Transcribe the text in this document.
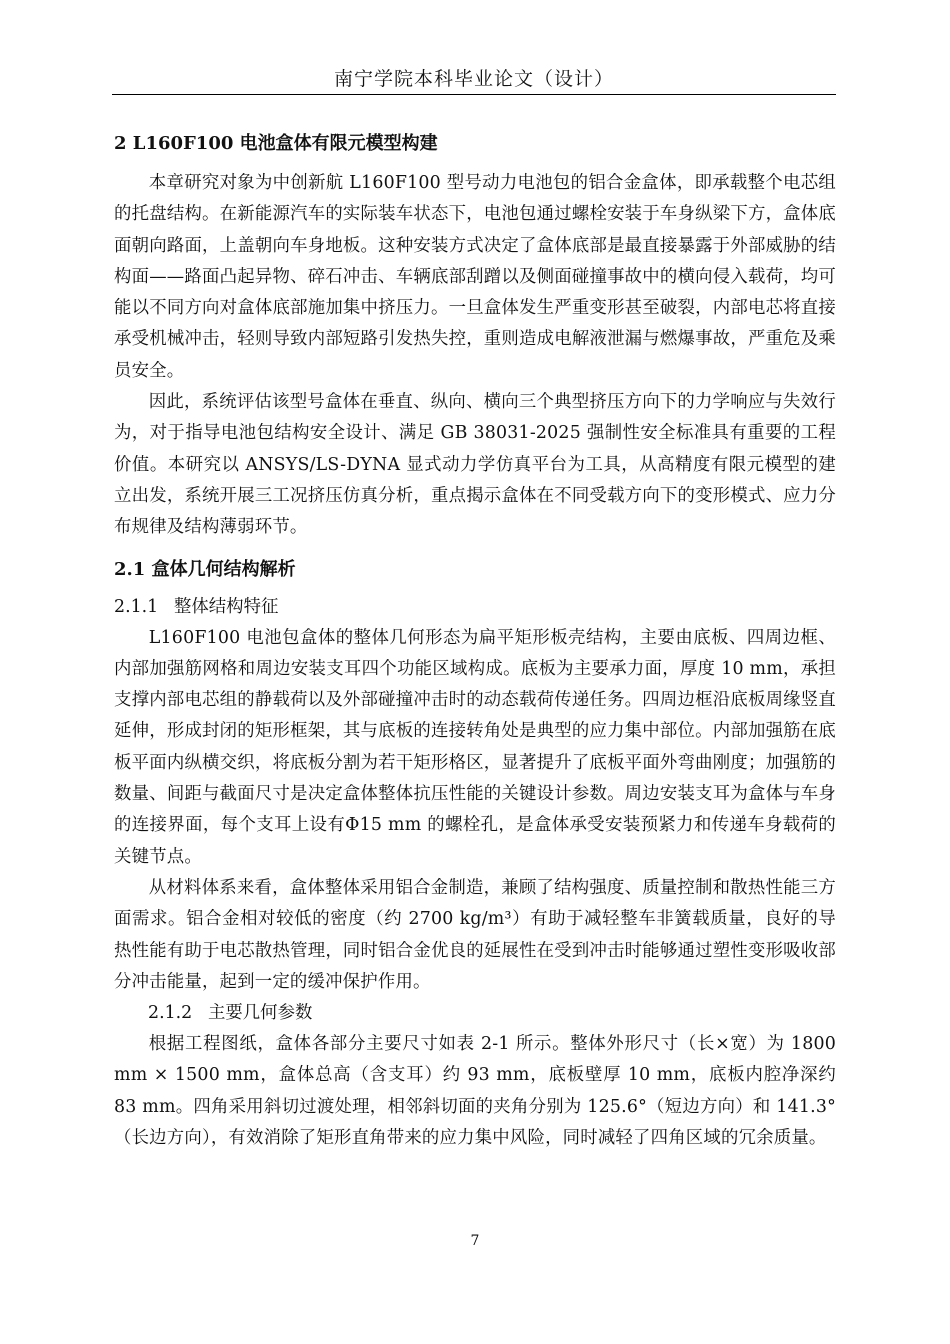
南宁学院本科毕业论文（设计）
2 L160F100 电池盒体有限元模型构建

本章研究对象为中创新航 L160F100 型号动力电池包的铝合金盒体，即承载整个电芯组的托盘结构。在新能源汽车的实际装车状态下，电池包通过螺栓安装于车身纵梁下方，盒体底面朝向路面，上盖朝向车身地板。这种安装方式决定了盒体底部是最直接暴露于外部威胁的结构面——路面凸起异物、碎石冲击、车辆底部刮蹭以及侧面碰撞事故中的横向侵入载荷，均可能以不同方向对盒体底部施加集中挤压力。一旦盒体发生严重变形甚至破裂，内部电芯将直接承受机械冲击，轻则导致内部短路引发热失控，重则造成电解液泄漏与燃爆事故，严重危及乘员安全。

因此，系统评估该型号盒体在垂直、纵向、横向三个典型挤压方向下的力学响应与失效行为，对于指导电池包结构安全设计、满足 GB 38031-2025 强制性安全标准具有重要的工程价值。本研究以 ANSYS/LS-DYNA 显式动力学仿真平台为工具，从高精度有限元模型的建立出发，系统开展三工况挤压仿真分析，重点揭示盒体在不同受载方向下的变形模式、应力分布规律及结构薄弱环节。

2.1 盒体几何结构解析
2.1.1 整体结构特征

L160F100 电池包盒体的整体几何形态为扁平矩形板壳结构，主要由底板、四周边框、内部加强筋网格和周边安装支耳四个功能区域构成。底板为主要承力面，厚度 10 mm，承担支撑内部电芯组的静载荷以及外部碰撞冲击时的动态载荷传递任务。四周边框沿底板周缘竖直延伸，形成封闭的矩形框架，其与底板的连接转角处是典型的应力集中部位。内部加强筋在底板平面内纵横交织，将底板分割为若干矩形格区，显著提升了底板平面外弯曲刚度；加强筋的数量、间距与截面尺寸是决定盒体整体抗压性能的关键设计参数。周边安装支耳为盒体与车身的连接界面，每个支耳上设有Φ15 mm 的螺栓孔，是盒体承受安装预紧力和传递车身载荷的关键节点。

从材料体系来看，盒体整体采用铝合金制造，兼顾了结构强度、质量控制和散热性能三方面需求。铝合金相对较低的密度（约 2700 kg/m³）有助于减轻整车非簧载质量，良好的导热性能有助于电芯散热管理，同时铝合金优良的延展性在受到冲击时能够通过塑性变形吸收部分冲击能量，起到一定的缓冲保护作用。

2.1.2 主要几何参数

根据工程图纸，盒体各部分主要尺寸如表 2-1 所示。整体外形尺寸（长×宽）为 1800 mm × 1500 mm，盒体总高（含支耳）约 93 mm，底板壁厚 10 mm，底板内腔净深约 83 mm。四角采用斜切过渡处理，相邻斜切面的夹角分别为 125.6°（短边方向）和 141.3°（长边方向），有效消除了矩形直角带来的应力集中风险，同时减轻了四角区域的冗余质量。

7
